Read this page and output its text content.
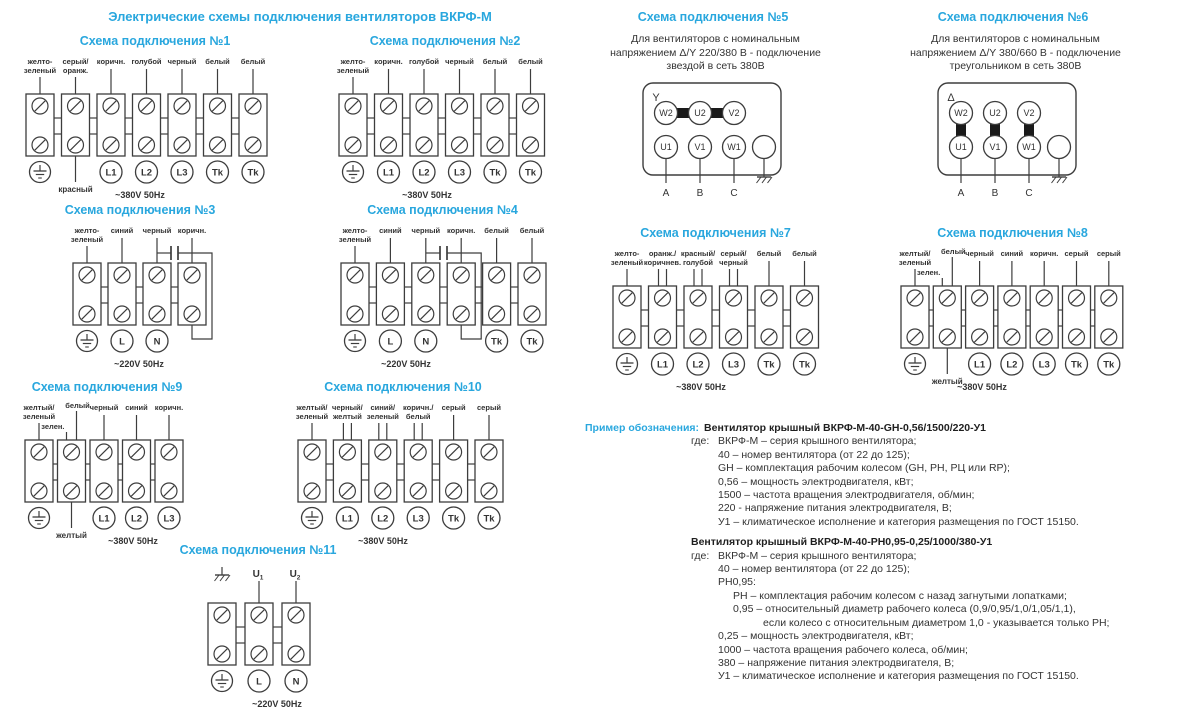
Электрические схемы подключения вентиляторов ВКРФ-М
Схема подключения №1
желто-
зеленый
серый/
оранж.
красный
коричн.
L1
голубой
L2
черный
L3
белый
Tk
белый
Tk
~380V 50Hz
Схема подключения №2
желто-
зеленый
коричн.
L1
голубой
L2
черный
L3
белый
Tk
белый
Tk
~380V 50Hz
Схема подключения №3
желто-
зеленый
синий
L
черный
N
коричн.
~220V 50Hz
Схема подключения №4
желто-
зеленый
синий
L
черный
N
коричн. белый
Tk
белый
Tk
~220V 50Hz
Схема подключения №5
Для вентиляторов с номинальным
напряжением Δ/Y 220/380 В - подключение
звездой в сеть 380В
Y
W2 U2	V2
U1
A
V1
B
W1
C
Схема подключения №6
Для вентиляторов с номинальным
напряжением Δ/Y 380/660 В - подключение
треугольником в сеть 380В
Δ
W2 U2	V2
U1
A
V1
B
W1
C
Схема подключения №7
желто-
зеленый
оранж./
коричнев.
L1
красный/
голубой
L2
серый/
черный
L3
белый
Tk
белый
Tk
~380V 50Hz
Схема подключения №8
желтый/
зеленый
зелен.
белый
желтый
черный
L1
синий
L2
коричн.
L3
серый
Tk
серый
Tk
~380V 50Hz
Схема подключения №9
желтый/
зеленый
зелен.
белый
желтый
черный
L1
синий
L2
коричн.
L3
~380V 50Hz
Схема подключения №10
желтый/
зеленый
черный/
желтый
L1
синий/
зеленый
L2
коричн./
белый
L3
серый
Tk
серый
Tk
~380V 50Hz
Схема подключения №11
$U_1$
L
$U_2$
N
~220V 50Hz
Пример обозначения: Вентилятор крышный ВКРФ-М-40-GH-0,56/1500/220-У1
где: ВКРФ-М – серия крышного вентилятора;
40 – номер вентилятора (от 22 до 125);
GH – комплектация рабочим колесом (GH, РН, РЦ или RP);
0,56 – мощность электродвигателя, кВт;
1500 – частота вращения электродвигателя, об/мин;
220 - напряжение питания электродвигателя, В;
У1 – климатическое исполнение и категория размещения по ГОСТ 15150.
Вентилятор крышный ВКРФ-М-40-РН0,95-0,25/1000/380-У1
где: ВКРФ-М – серия крышного вентилятора;
40 – номер вентилятора (от 22 до 125);
РН0,95:
РН – комплектация рабочим колесом с назад загнутыми лопатками;
0,95 – относительный диаметр рабочего колеса (0,9/0,95/1,0/1,05/1,1),
если колесо с относительным диаметром 1,0 - указывается только РН;
0,25 – мощность электродвигателя, кВт;
1000 – частота вращения рабочего колеса, об/мин;
380 – напряжение питания электродвигателя, В;
У1 – климатическое исполнение и категория размещения по ГОСТ 15150.
